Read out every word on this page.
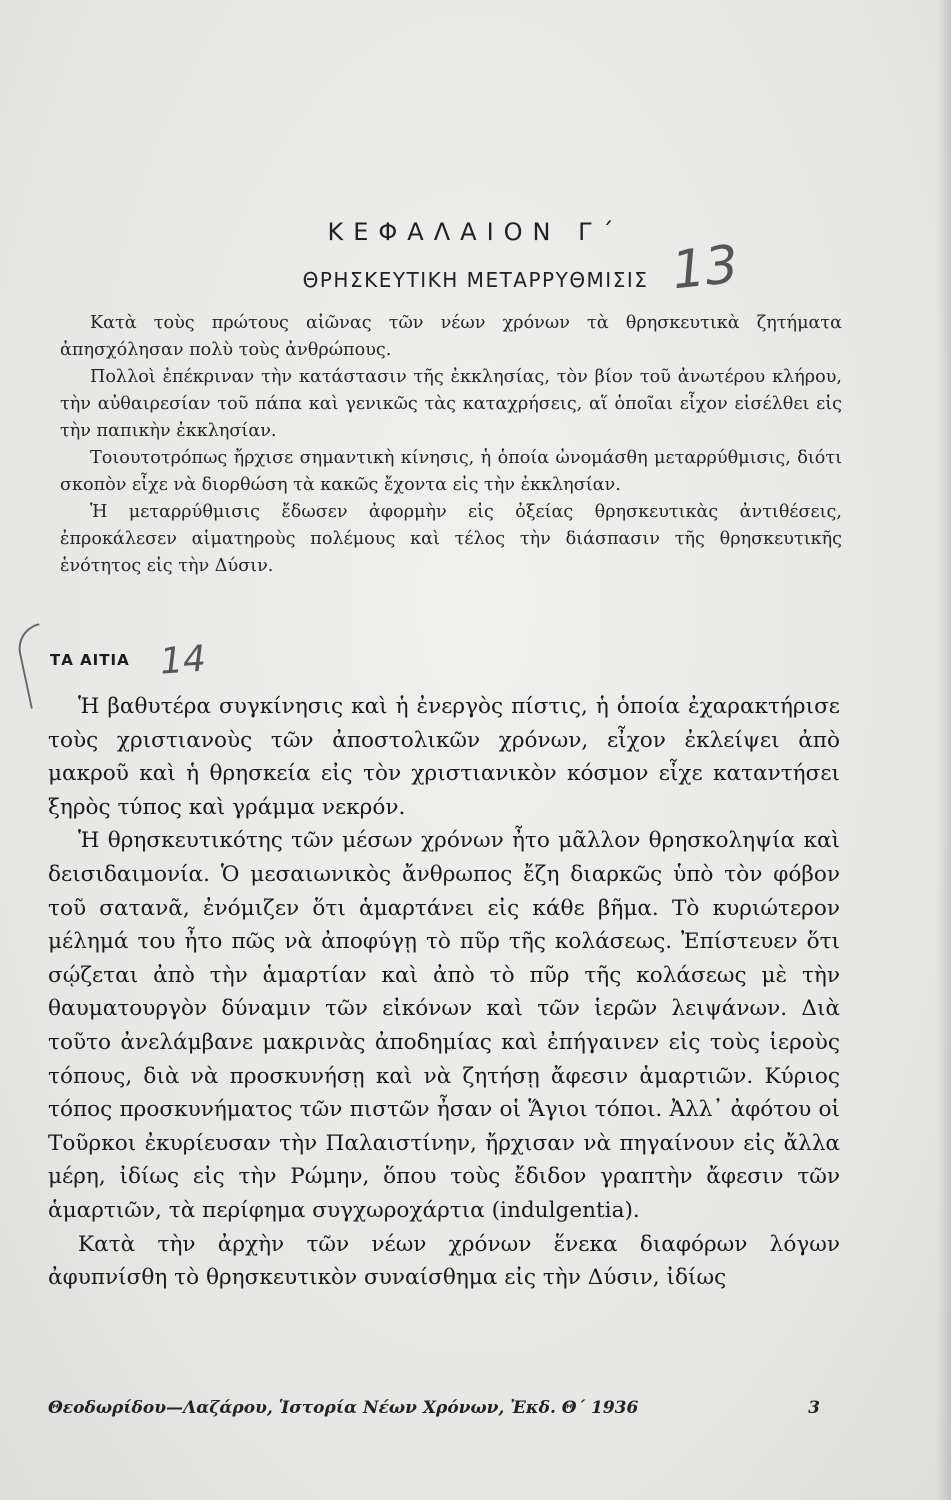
ΚΕΦΑΛΑΙΟΝ Γ΄
ΘΡΗΣΚΕΥΤΙΚΗ ΜΕΤΑΡΡΥΘΜΙΣΙΣ 13

Κατὰ τοὺς πρώτους αἰῶνας τῶν νέων χρόνων τὰ θρησκευτικὰ ζητήματα ἀπησχόλησαν πολὺ τοὺς ἀνθρώπους.

Πολλοὶ ἐπέκριναν τὴν κατάστασιν τῆς ἐκκλησίας, τὸν βίον τοῦ ἀνωτέρου κλήρου, τὴν αὐθαιρεσίαν τοῦ πάπα καὶ γενικῶς τὰς καταχρήσεις, αἵ ὁποῖαι εἶχον εἰσέλθει εἰς τὴν παπικὴν ἐκκλησίαν.

Τοιουτοτρόπως ἤρχισε σημαντικὴ κίνησις, ἡ ὁποία ὠνομάσθη μεταρρύθμισις, διότι σκοπὸν εἶχε νὰ διορθώση τὰ κακῶς ἔχοντα εἰς τὴν ἐκκλησίαν.

Ἡ μεταρρύθμισις ἔδωσεν ἀφορμὴν εἰς ὀξείας θρησκευτικὰς ἀντιθέσεις, ἐπροκάλεσεν αἱματηροὺς πολέμους καὶ τέλος τὴν διάσπασιν τῆς θρησκευτικῆς ἑνότητος εἰς τὴν Δύσιν.

ΤΑ ΑΙΤΙΑ 14

Ἡ βαθυτέρα συγκίνησις καὶ ἡ ἐνεργὸς πίστις, ἡ ὁποία ἐχαρακτήρισε τοὺς χριστιανοὺς τῶν ἀποστολικῶν χρόνων, εἶχον ἐκλείψει ἀπὸ μακροῦ καὶ ἡ θρησκεία εἰς τὸν χριστιανικὸν κόσμον εἶχε καταντήσει ξηρὸς τύπος καὶ γράμμα νεκρόν.

Ἡ θρησκευτικότης τῶν μέσων χρόνων ἦτο μᾶλλον θρησκοληψία καὶ δεισιδαιμονία. Ὁ μεσαιωνικὸς ἄνθρωπος ἔζη διαρκῶς ὑπὸ τὸν φόβον τοῦ σατανᾶ, ἐνόμιζεν ὅτι ἁμαρτάνει εἰς κάθε βῆμα. Τὸ κυριώτερον μέλημά του ἦτο πῶς νὰ ἀποφύγῃ τὸ πῦρ τῆς κολάσεως. Ἐπίστευεν ὅτι σῴζεται ἀπὸ τὴν ἁμαρτίαν καὶ ἀπὸ τὸ πῦρ τῆς κολάσεως μὲ τὴν θαυματουργὸν δύναμιν τῶν εἰκόνων καὶ τῶν ἱερῶν λειψάνων. Διὰ τοῦτο ἀνελάμβανε μακρινὰς ἀποδημίας καὶ ἐπήγαινεν εἰς τοὺς ἱεροὺς τόπους, διὰ νὰ προσκυνήσῃ καὶ νὰ ζητήσῃ ἄφεσιν ἁμαρτιῶν. Κύριος τόπος προσκυνήματος τῶν πιστῶν ἦσαν οἱ Ἅγιοι τόποι. Ἀλλ᾽ ἀφότου οἱ Τοῦρκοι ἐκυρίευσαν τὴν Παλαιστίνην, ἤρχισαν νὰ πηγαίνουν εἰς ἄλλα μέρη, ἰδίως εἰς τὴν Ρώμην, ὅπου τοὺς ἔδιδον γραπτὴν ἄφεσιν τῶν ἁμαρτιῶν, τὰ περίφημα συγχωροχάρτια (indulgentia).

Κατὰ τὴν ἀρχὴν τῶν νέων χρόνων ἕνεκα διαφόρων λόγων ἀφυπνίσθη τὸ θρησκευτικὸν συναίσθημα εἰς τὴν Δύσιν, ἰδίως

Θεοδωρίδου—Λαζάρου, Ἱστορία Νέων Χρόνων, Ἐκδ. Θ΄ 1936	3
